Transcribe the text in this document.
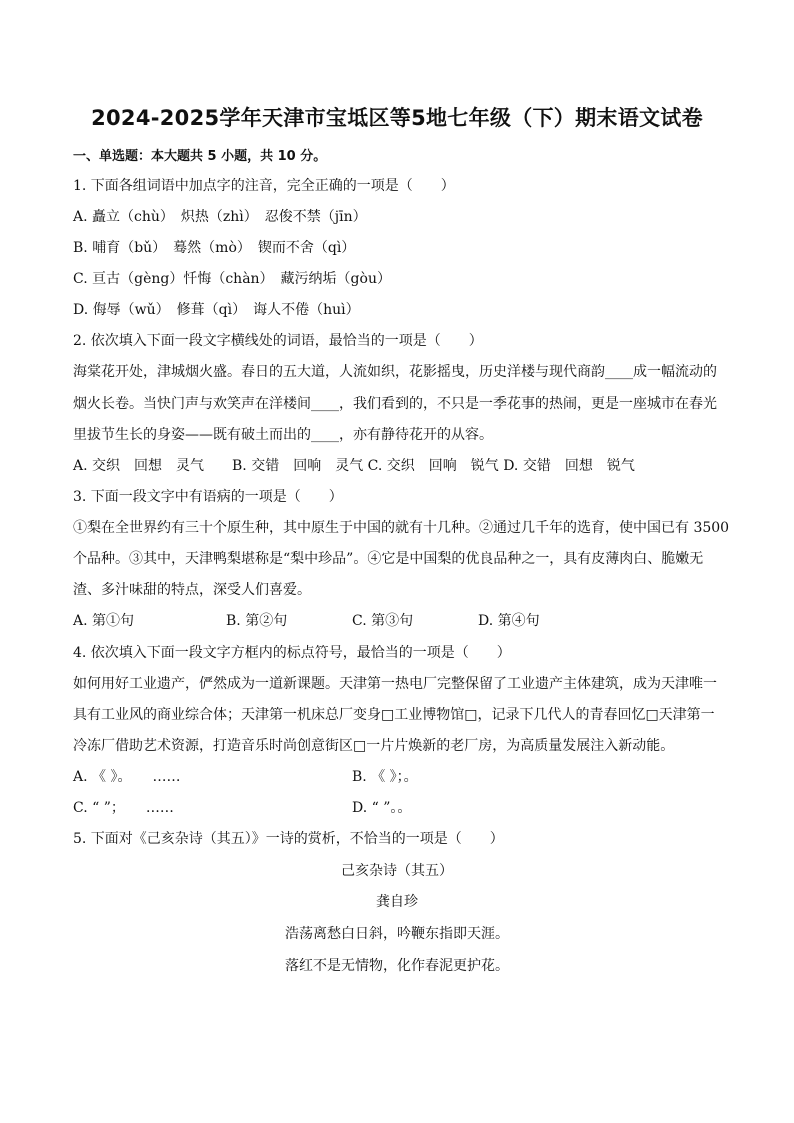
2024-2025学年天津市宝坻区等5地七年级（下）期末语文试卷
一、单选题：本大题共 5 小题，共 10 分。
1. 下面各组词语中加点字的注音，完全正确的一项是（　　）
A. 矗立（chù）　炽热（zhì）　忍俊不禁（jīn）
B. 哺育（bǔ）　蓦然（mò）　锲而不舍（qì）
C. 亘古（gèng）忏悔（chàn）　藏污纳垢（gòu）
D. 侮辱（wǔ）　修葺（qì）　诲人不倦（huì）
2. 依次填入下面一段文字横线处的词语，最恰当的一项是（　　）
海棠花开处，津城烟火盛。春日的五大道，人流如织，花影摇曳，历史洋楼与现代商韵____成一幅流动的
烟火长卷。当快门声与欢笑声在洋楼间____，我们看到的，不只是一季花事的热闹，更是一座城市在春光
里拔节生长的身姿——既有破土而出的____，亦有静待花开的从容。
A. 交织　回想　灵气　　B. 交错　回响　灵气 C. 交织　回响　锐气 D. 交错　回想　锐气
3. 下面一段文字中有语病的一项是（　　）
①梨在全世界约有三十个原生种，其中原生于中国的就有十几种。②通过几千年的选育，使中国已有 3500
个品种。③其中，天津鸭梨堪称是“梨中珍品”。④它是中国梨的优良品种之一，具有皮薄肉白、脆嫩无
渣、多汁味甜的特点，深受人们喜爱。
A. 第①句	B. 第②句	C. 第③句	D. 第④句
4. 依次填入下面一段文字方框内的标点符号，最恰当的一项是（　　）
如何用好工业遗产，俨然成为一道新课题。天津第一热电厂完整保留了工业遗产主体建筑，成为天津唯一
具有工业风的商业综合体；天津第一机床总厂变身□工业博物馆□，记录下几代人的青春回忆□天津第一
冷冻厂借助艺术资源，打造音乐时尚创意街区□一片片焕新的老厂房，为高质量发展注入新动能。
A. 《 》。　　……	B. 《 》；。
C. “ ”；　　……	D. “ ”。。
5. 下面对《己亥杂诗（其五）》一诗的赏析，不恰当的一项是（　　）
己亥杂诗（其五）
龚自珍
浩荡离愁白日斜，吟鞭东指即天涯。
落红不是无情物，化作春泥更护花。
